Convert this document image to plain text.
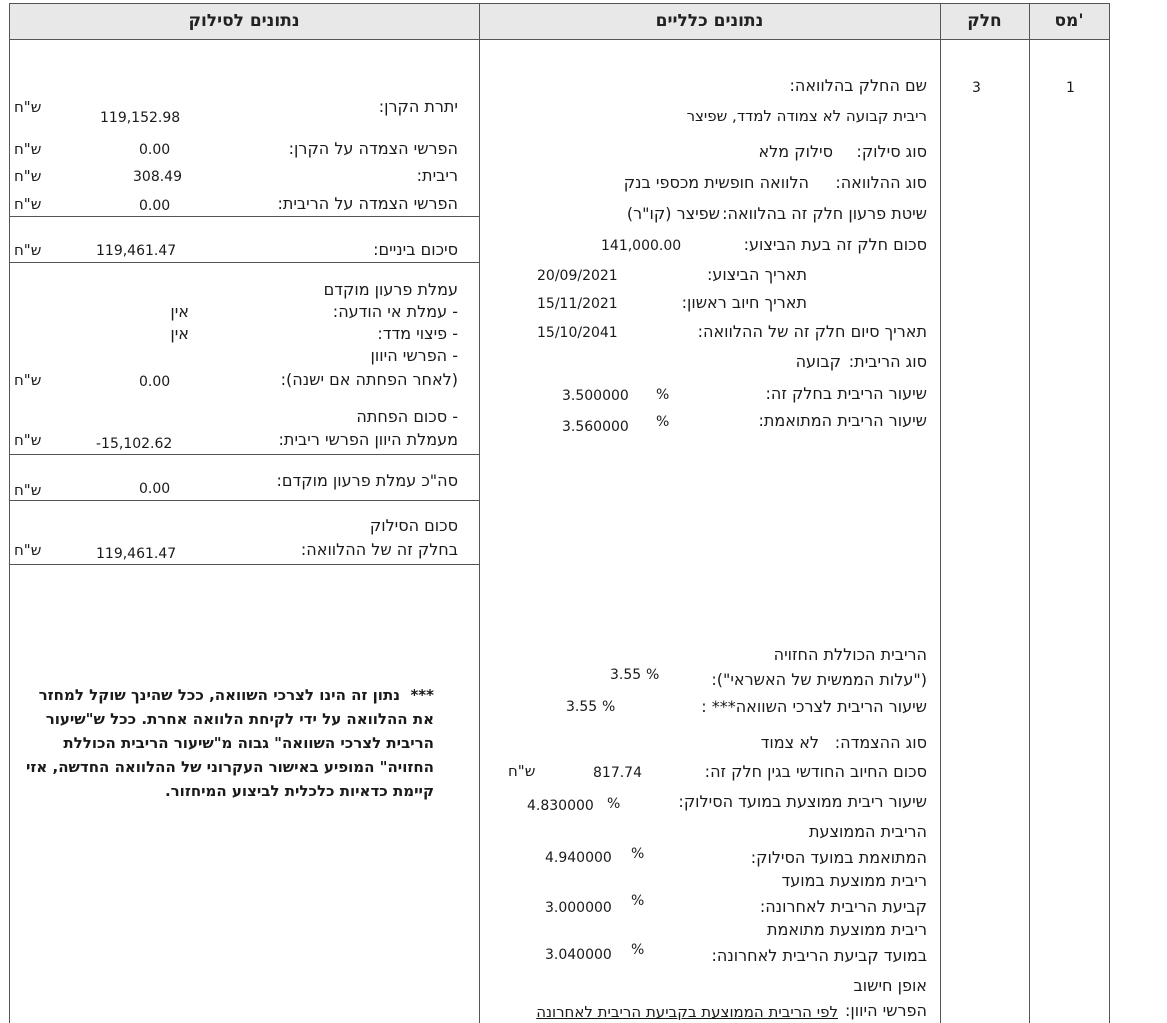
מס'
חלק
נתונים כלליים
נתונים לסילוק
1
3
שם החלק בהלוואה:
ריבית קבועה לא צמודה למדד, שפיצר
סוג סילוק:
סילוק מלא
סוג ההלוואה:
הלוואה חופשית מכספי בנק
שיטת פרעון חלק זה בהלוואה:
שפיצר (קו"ר)
סכום חלק זה בעת הביצוע:
141,000.00
תאריך הביצוע:
20/09/2021
תאריך חיוב ראשון:
15/11/2021
תאריך סיום חלק זה של ההלוואה:
15/10/2041
סוג הריבית:
קבועה
שיעור הריבית בחלק זה:
%
3.500000
שיעור הריבית המתואמת:
%
3.560000
הריבית הכוללת החזויה
("עלות הממשית של האשראי"):
3.55 %
שיעור הריבית לצרכי השוואה*** :
3.55 %
סוג ההצמדה:
לא צמוד
סכום החיוב החודשי בגין חלק זה:
817.74
ש"ח
שיעור ריבית ממוצעת במועד הסילוק:
%
4.830000
הריבית הממוצעת
המתואמת במועד הסילוק:
%
4.940000
ריבית ממוצעת במועד
קביעת הריבית לאחרונה:
%
3.000000
ריבית ממוצעת מתואמת
במועד קביעת הריבית לאחרונה:
%
3.040000
אופן חישוב
הפרשי היוון:
לפי הריבית הממוצעת בקביעת הריבית לאחרונה
יתרת הקרן:
119,152.98
ש"ח
הפרשי הצמדה על הקרן:
0.00
ש"ח
ריבית:
308.49
ש"ח
הפרשי הצמדה על הריבית:
0.00
ש"ח
סיכום ביניים:
119,461.47
ש"ח
עמלת פרעון מוקדם
- עמלת אי הודעה:
אין
- פיצוי מדד:
אין
- הפרשי היוון
(לאחר הפחתה אם ישנה):
0.00
ש"ח
- סכום הפחתה
מעמלת היוון הפרשי ריבית:
-15,102.62
ש"ח
סה"כ עמלת פרעון מוקדם:
0.00
ש"ח
סכום הסילוק
בחלק זה של ההלוואה:
119,461.47
ש"ח
***  נתון זה הינו לצרכי השוואה, ככל שהינך שוקל למחזר את ההלוואה על ידי לקיחת הלוואה אחרת. ככל ש"שיעור הריבית לצרכי השוואה" גבוה מ"שיעור הריבית הכוללת החזויה" המופיע באישור העקרוני של ההלוואה החדשה, אזי קיימת כדאיות כלכלית לביצוע המיחזור.
